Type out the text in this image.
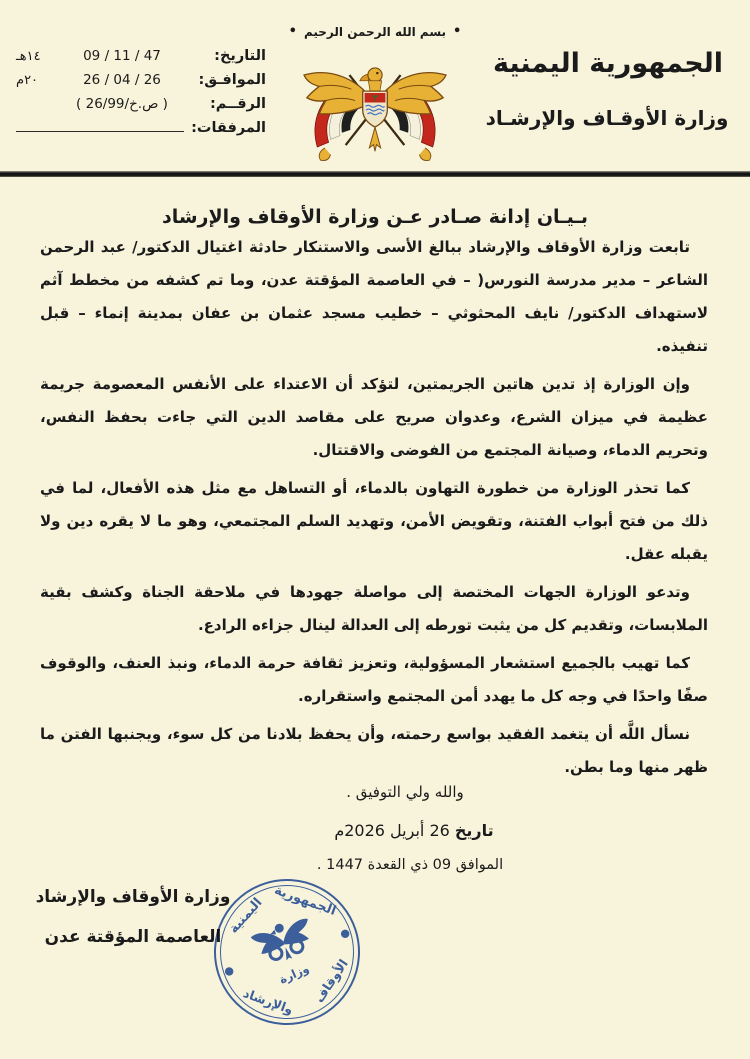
•
بسم الله الرحمن الرحيم
•
الجمهورية اليمنية
وزارة الأوقـاف والإرشـاد
التاريخ:
09 / 11 / 47
١٤هـ
الموافـق:
26 / 04 / 26
٢٠م
الرقــم:
( ص.خ/26/99 )
المرفقات:
بـيـان إدانة صـادر عـن وزارة الأوقاف والإرشاد

تابعت وزارة الأوقاف والإرشاد ببالغ الأسى والاستنكار حادثة اغتيال الدكتور/ عبد الرحمن الشاعر – مدير مدرسة النورس( – في العاصمة المؤقتة عدن، وما تم كشفه من مخطط آثم لاستهداف الدكتور/ نايف المحثوثي – خطيب مسجد عثمان بن عفان بمدينة إنماء – قبل تنفيذه.

وإن الوزارة إذ تدين هاتين الجريمتين، لتؤكد أن الاعتداء على الأنفس المعصومة جريمة عظيمة في ميزان الشرع، وعدوان صريح على مقاصد الدين التي جاءت بحفظ النفس، وتحريم الدماء، وصيانة المجتمع من الفوضى والاقتتال.

كما تحذر الوزارة من خطورة التهاون بالدماء، أو التساهل مع مثل هذه الأفعال، لما في ذلك من فتح أبواب الفتنة، وتقويض الأمن، وتهديد السلم المجتمعي، وهو ما لا يقره دين ولا يقبله عقل.

وتدعو الوزارة الجهات المختصة إلى مواصلة جهودها في ملاحقة الجناة وكشف بقية الملابسات، وتقديم كل من يثبت تورطه إلى العدالة لينال جزاءه الرادع.

كما تهيب بالجميع استشعار المسؤولية، وتعزيز ثقافة حرمة الدماء، ونبذ العنف، والوقوف صفًا واحدًا في وجه كل ما يهدد أمن المجتمع واستقراره.

نسأل اللَّه أن يتغمد الفقيد بواسع رحمته، وأن يحفظ بلادنا من كل سوء، ويجنبها الفتن ما ظهر منها وما بطن.

والله ولي التوفيق .
تاريخ 26 أبريل 2026م
الموافق 09 ذي القعدة 1447 .
وزارة الأوقاف والإرشاد
العاصمة المؤقتة عدن
الجمهورية
اليمنية
وزارة الأوقاف
والإرشاد
●
●
